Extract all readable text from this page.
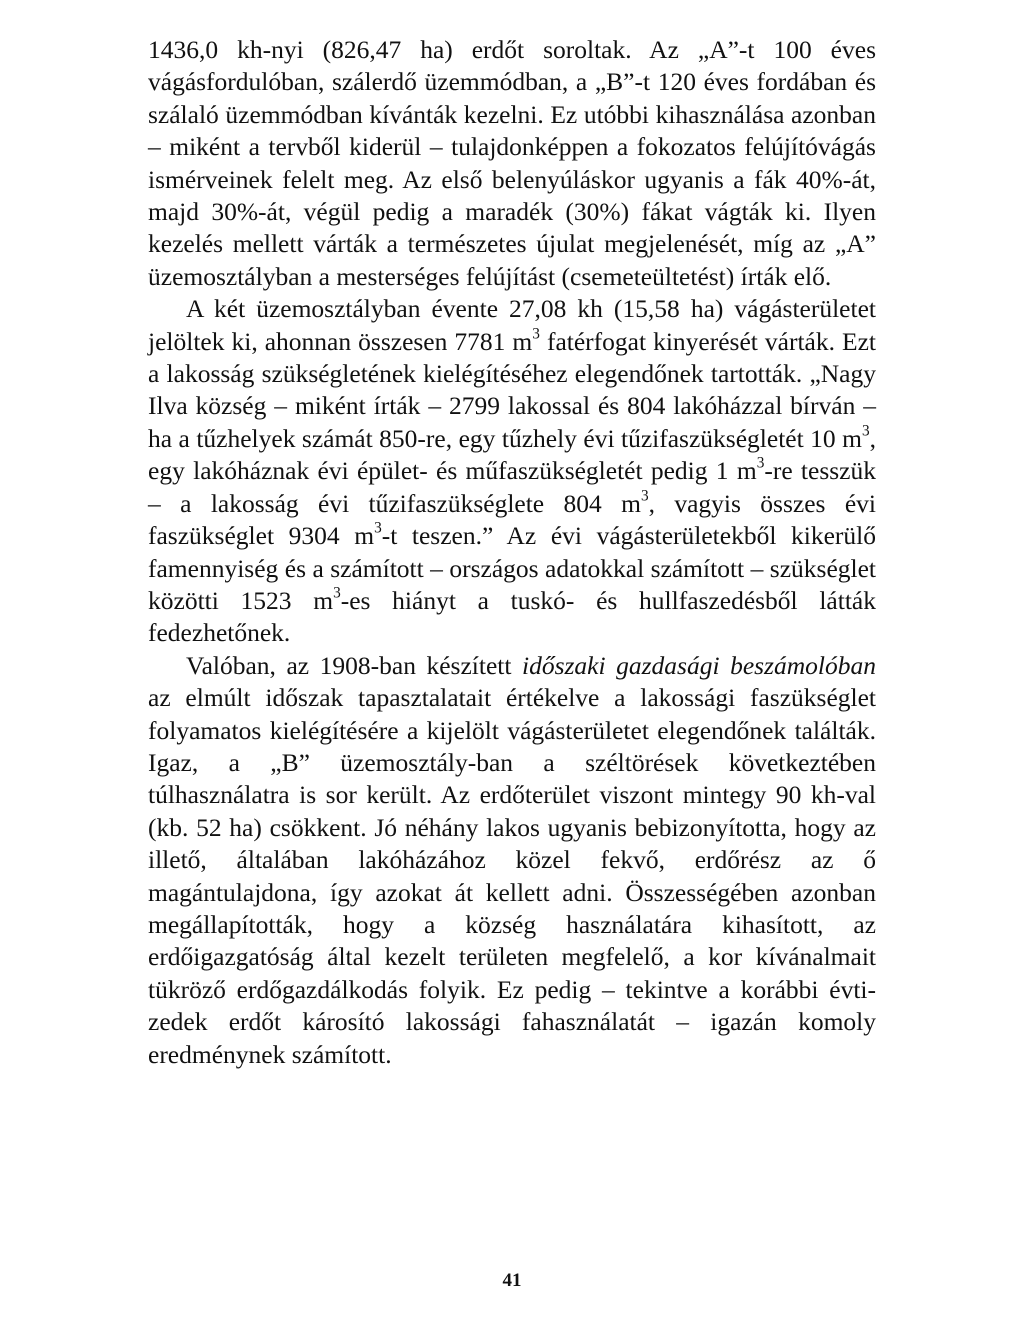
1436,0 kh-nyi (826,47 ha) erdőt soroltak. Az „A”-t 100 éves vágásfordulóban, szálerdő üzemmódban, a „B”-t 120 éves fordában és szálaló üzemmódban kívánták kezelni. Ez utóbbi kihasználása azonban – miként a tervből kiderül – tulajdonképpen a fokozatos felújítóvágás ismérveinek felelt meg. Az első belenyúláskor ugyanis a fák 40%-át, majd 30%-át, végül pedig a maradék (30%) fákat vágták ki. Ilyen kezelés mellett várták a természetes újulat megjelenését, míg az „A” üzemosztályban a mesterséges felújítást (csemeteültetést) írták elő.

A két üzemosztályban évente 27,08 kh (15,58 ha) vágásterületet jelöltek ki, ahonnan összesen 7781 $m^3$ fatérfogat kinyerését várták. Ezt a lakosság szükségletének kielégítéséhez elegendőnek tartották. „Nagy Ilva község – miként írták – 2799 lakossal és 804 lakóházzal bírván – ha a tűzhelyek számát 850-re, egy tűzhely évi tűzifaszükségletét 10 $m^3$, egy lakóháznak évi épület- és műfaszükségletét pedig 1 $m^3-re$ tesszük – a lakosság évi tűzifaszükséglete 804 $m^3$, vagyis összes évi faszükséglet 9304 $m^3-t$ teszen.” Az évi vágásterületekből kikerülő famennyiség és a számított – országos adatokkal számított – szükséglet közötti 1523 $m^3-es$ hiányt a tuskó- és hullfaszedésből látták fedezhetőnek.

Valóban, az 1908-ban készített időszaki gazdasági beszámolóban az elmúlt időszak tapasztalatait értékelve a lakossági faszükséglet folyamatos kielégítésére a kijelölt vágásterületet elegendőnek találták. Igaz, a „B” üzemosztály-ban a széltörések következtében túlhasználatra is sor került. Az erdőterület viszont mintegy 90 kh-val (kb. 52 ha) csökkent. Jó néhány lakos ugyanis bebizonyította, hogy az illető, általában lakóházához közel fekvő, erdőrész az ő magántulajdona, így azokat át kellett adni. Összességében azonban megállapították, hogy a község használatára kihasított, az erdőigazgatóság által kezelt területen megfelelő, a kor kívánalmait tükröző erdőgazdálkodás folyik. Ez pedig – tekintve a korábbi évti-zedek erdőt károsító lakossági fahasználatát – igazán komoly eredménynek számított.

41
